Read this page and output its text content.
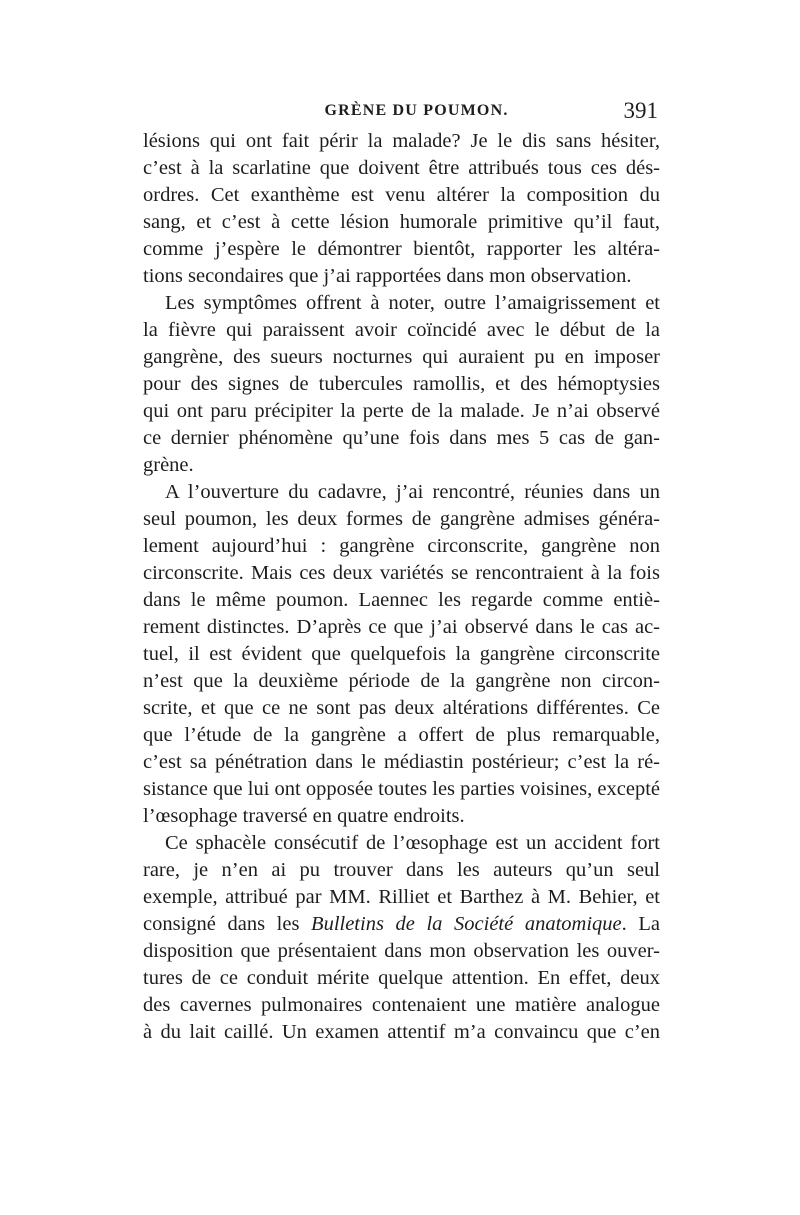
GRÈNE DU POUMON.	391
lésions qui ont fait périr la malade? Je le dis sans hésiter,
c’est à la scarlatine que doivent être attribués tous ces dés-
ordres. Cet exanthème est venu altérer la composition du
sang, et c’est à cette lésion humorale primitive qu’il faut,
comme j’espère le démontrer bientôt, rapporter les altéra-
tions secondaires que j’ai rapportées dans mon observation.
Les symptômes offrent à noter, outre l’amaigrissement et
la fièvre qui paraissent avoir coïncidé avec le début de la
gangrène, des sueurs nocturnes qui auraient pu en imposer
pour des signes de tubercules ramollis, et des hémoptysies
qui ont paru précipiter la perte de la malade. Je n’ai observé
ce dernier phénomène qu’une fois dans mes 5 cas de gan-
grène.
A l’ouverture du cadavre, j’ai rencontré, réunies dans un
seul poumon, les deux formes de gangrène admises généra-
lement aujourd’hui : gangrène circonscrite, gangrène non
circonscrite. Mais ces deux variétés se rencontraient à la fois
dans le même poumon. Laennec les regarde comme entiè-
rement distinctes. D’après ce que j’ai observé dans le cas ac-
tuel, il est évident que quelquefois la gangrène circonscrite
n’est que la deuxième période de la gangrène non circon-
scrite, et que ce ne sont pas deux altérations différentes. Ce
que l’étude de la gangrène a offert de plus remarquable,
c’est sa pénétration dans le médiastin postérieur; c’est la ré-
sistance que lui ont opposée toutes les parties voisines, excepté
l’œsophage traversé en quatre endroits.
Ce sphacèle consécutif de l’œsophage est un accident fort
rare, je n’en ai pu trouver dans les auteurs qu’un seul
exemple, attribué par MM. Rilliet et Barthez à M. Behier, et
consigné dans les Bulletins de la Société anatomique. La
disposition que présentaient dans mon observation les ouver-
tures de ce conduit mérite quelque attention. En effet, deux
des cavernes pulmonaires contenaient une matière analogue
à du lait caillé. Un examen attentif m’a convaincu que c’en
